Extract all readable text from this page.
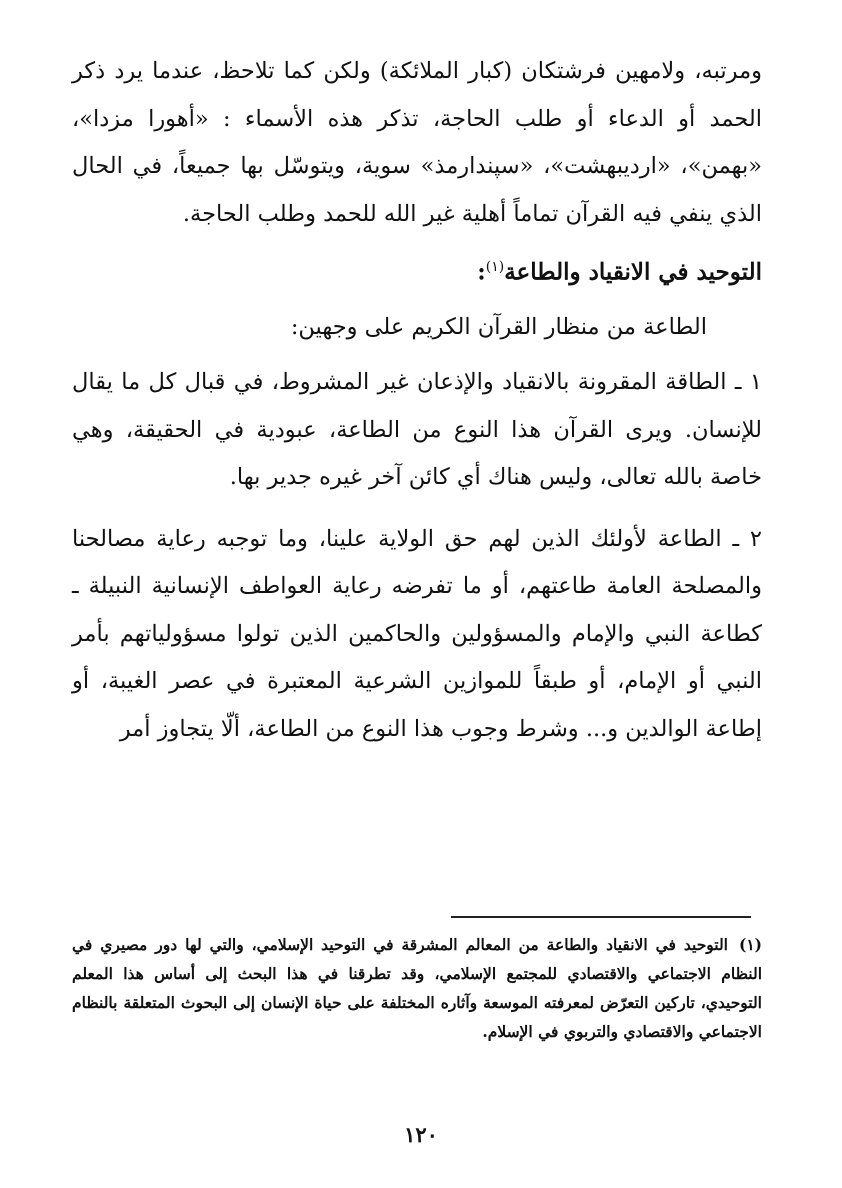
ومرتبه، ولامهين فرشتكان (كبار الملائكة) ولكن كما تلاحظ، عندما يرد ذكر الحمد أو الدعاء أو طلب الحاجة، تذكر هذه الأسماء : «أهورا مزدا»، «بهمن»، «ارديبهشت»، «سپندارمذ» سوية، ويتوسّل بها جميعاً، في الحال الذي ينفي فيه القرآن تماماً أهلية غير الله للحمد وطلب الحاجة.

التوحيد في الانقياد والطاعة$^{(١)}$:

الطاعة من منظار القرآن الكريم على وجهين:

١ ـ الطاقة المقرونة بالانقياد والإذعان غير المشروط، في قبال كل ما يقال للإنسان. ويرى القرآن هذا النوع من الطاعة، عبودية في الحقيقة، وهي خاصة بالله تعالى، وليس هناك أي كائن آخر غيره جدير بها.

٢ ـ الطاعة لأولئك الذين لهم حق الولاية علينا، وما توجبه رعاية مصالحنا والمصلحة العامة طاعتهم، أو ما تفرضه رعاية العواطف الإنسانية النبيلة ـ كطاعة النبي والإمام والمسؤولين والحاكمين الذين تولوا مسؤولياتهم بأمر النبي أو الإمام، أو طبقاً للموازين الشرعية المعتبرة في عصر الغيبة، أو إطاعة الوالدين و... وشرط وجوب هذا النوع من الطاعة، ألّا يتجاوز أمر

(١)التوحيد في الانقياد والطاعة من المعالم المشرقة في التوحيد الإسلامي، والتي لها دور مصيري في النظام الاجتماعي والاقتصادي للمجتمع الإسلامي، وقد تطرقنا في هذا البحث إلى أساس هذا المعلم التوحيدي، تاركين التعرّض لمعرفته الموسعة وآثاره المختلفة على حياة الإنسان إلى البحوث المتعلقة بالنظام الاجتماعي والاقتصادي والتربوي في الإسلام.
١٢٠
